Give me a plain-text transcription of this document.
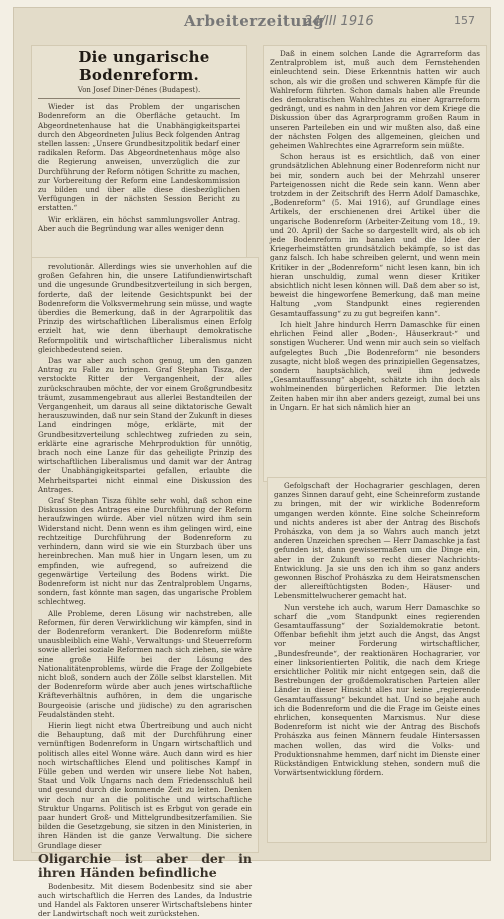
Arbeiterzeitung
24/III 1916	157

Die ungarische Bodenreform.

Von Josef Diner-Dénes (Budapest).

Wieder ist das Problem der ungarischen Bodenreform an die Oberfläche getaucht. Im Abgeordnetenhause hat die Unabhängigkeitspartei durch den Abgeordneten Julius Beck folgenden Antrag stellen lassen: „Unsere Grundbesitzpolitik bedarf einer radikalen Reform. Das Abgeordnetenhaus möge also die Regierung anweisen, unverzüglich die zur Durchführung der Reform nötigen Schritte zu machen, zur Vorbereitung der Reform eine Landeskommission zu bilden und über alle diese diesbezüglichen Verfügungen in der nächsten Session Bericht zu erstatten.“

Wir erklären, ein höchst sammlungsvoller Antrag. Aber auch die Begründung war alles weniger denn

revolutionär. Allerdings wies sie unverhohlen auf die großen Gefahren hin, die unsere Latifundienwirtschaft und die ungesunde Grundbesitzverteilung in sich bergen, forderte, daß der leitende Gesichtspunkt bei der Bodenreform die Volksvermehrung sein müsse, und wagte überdies die Bemerkung, daß in der Agrarpolitik das Prinzip des wirtschaftlichen Liberalismus einen Erfolg erzielt hat, wie denn überhaupt demokratische Reformpolitik und wirtschaftlicher Liberalismus nicht gleichbedeutend seien.

Das war aber auch schon genug, um den ganzen Antrag zu Falle zu bringen. Graf Stephan Tisza, der verstockte Ritter der Vergangenheit, der alles zurückschrauben möchte, der vor einem Großgrundbesitz träumt, zusammengebraut aus allerlei Bestandteilen der Vergangenheit, um daraus all seine diktatorische Gewalt herauszuwinden, daß nur sein Stand der Zukunft in dieses Land eindringen möge, erklärte, mit der Grundbesitzverteilung schlechtweg zufrieden zu sein, erklärte eine agrarische Mehrproduktion für unnötig, brach noch eine Lanze für das geheiligte Prinzip des wirtschaftlichen Liberalismus und damit war der Antrag der Unabhängigkeitspartei gefallen, erlaubte die Mehrheitspartei nicht einmal eine Diskussion des Antrages.

Graf Stephan Tisza fühlte sehr wohl, daß schon eine Diskussion des Antrages eine Durchführung der Reform heraufzwingen würde. Aber viel nützen wird ihm sein Widerstand nicht. Denn wenn es ihm gelingen wird, eine rechtzeitige Durchführung der Bodenreform zu verhindern, dann wird sie wie ein Sturzbach über uns hereinbrechen. Man muß hier in Ungarn lesen, um zu empfinden, wie aufregend, so aufreizend die gegenwärtige Verteilung des Bodens wirkt. Die Bodenreform ist nicht nur das Zentralproblem Ungarns, sondern, fast könnte man sagen, das ungarische Problem schlechtweg.

Alle Probleme, deren Lösung wir nachstreben, alle Reformen, für deren Verwirklichung wir kämpfen, sind in der Bodenreform verankert. Die Bodenreform müßte unausbleiblich eine Wahl-, Verwaltungs- und Steuerreform sowie allerlei soziale Reformen nach sich ziehen, sie wäre eine große Hilfe bei der Lösung des Nationalitätenproblems, würde die Frage der Zollgebiete nicht bloß, sondern auch der Zölle selbst klarstellen. Mit der Bodenreform würde aber auch jenes wirtschaftliche Kräfteverhältnis aufhören, in dem die ungarische Bourgeoisie (arische und jüdische) zu den agrarischen Feudalständen steht.

Hierin liegt nicht etwa Übertreibung und auch nicht die Behauptung, daß mit der Durchführung einer vernünftigen Bodenreform in Ungarn wirtschaftlich und politisch alles eitel Wonne wäre. Auch dann wird es hier noch wirtschaftliches Elend und politisches Kampf in Fülle geben und werden wir unsere liebe Not haben, Staat und Volk Ungarns nach dem Friedensschluß heil und gesund durch die kommende Zeit zu leiten. Denken wir doch nur an die politische und wirtschaftliche Struktur Ungarns. Politisch ist es Erbgut von gerade ein paar hundert Groß- und Mittelgrundbesitzerfamilien. Sie bilden die Gesetzgebung, sie sitzen in den Ministerien, in ihren Händen ist die ganze Verwaltung. Die sichere Grundlage dieser

Oligarchie ist aber der in ihren Händen befindliche

Bodenbesitz. Mit diesem Bodenbesitz sind sie aber auch wirtschaftlich die Herren des Landes, da Industrie und Handel als Faktoren unserer Wirtschaftslebens hinter der Landwirtschaft noch weit zurückstehen.

Daß in einem solchen Lande die Agrarreform das Zentralproblem ist, muß auch dem Fernstehenden einleuchtend sein. Diese Erkenntnis hatten wir auch schon, als wir die großen und schweren Kämpfe für die Wahlreform führten. Schon damals haben alle Freunde des demokratischen Wahlrechtes zu einer Agrarreform gedrängt, und es nahm in den Jahren vor dem Kriege die Diskussion über das Agrarprogramm großen Raum in unseren Parteileben ein und wir mußten also, daß eine der nächsten Folgen des allgemeinen, gleichen und geheimen Wahlrechtes eine Agrarreform sein müßte.

Schon heraus ist es ersichtlich, daß von einer grundsätzlichen Ablehnung einer Bodenreform nicht nur bei mir, sondern auch bei der Mehrzahl unserer Parteigenossen nicht die Rede sein kann. Wenn aber trotzdem in der Zeitschrift des Herrn Adolf Damaschke, „Bodenreform“ (5. Mai 1916), auf Grundlage eines Artikels, der erschienenen drei Artikel über die ungarische Bodenreform (Arbeiter-Zeitung vom 18., 19. und 20. April) der Sache so dargestellt wird, als ob ich jede Bodenreform im banalen und die Idee der Kriegerheimstätten grundsätzlich bekämpfe, so ist das ganz falsch. Ich habe schreiben gelernt, und wenn mein Kritiker in der „Bodenreform“ nicht lesen kann, bin ich hieran unschuldig, zumal wenn dieser Kritiker absichtlich nicht lesen können will. Daß dem aber so ist, beweist die hingeworfene Bemerkung, daß man meine Haltung „vom Standpunkt eines regierenden Gesamtauffassung“ zu zu gut begreifen kann“.

Ich hielt Jahre hindurch Herrn Damaschke für einen ehrlichen Feind aller „Boden-, Häuserkraut-“ und sonstigen Wucherer. Und wenn mir auch sein so vielfach aufgelegtes Buch „Die Bodenreform“ nie besonders zusagte, nicht bloß wegen des prinzipiellen Gegensatzes, sondern hauptsächlich, weil ihm jedwede „Gesamtauffassung“ abgeht, schätzte ich ihn doch als wohlmeinenden bürgerlichen Reformer. Die letzten Zeiten haben mir ihn aber anders gezeigt, zumal bei uns in Ungarn. Er hat sich nämlich hier an

Gefolgschaft der Hochagrarier geschlagen, deren ganzes Sinnen darauf geht, eine Scheinreform zustande zu bringen, mit der wir wirkliche Bodenreform umgangen werden könnte. Eine solche Scheinreform und nichts anderes ist aber der Antrag des Bischofs Prohászka, von dem ja so Wahrs auch manch jetzt anderen Unzeichen sprechen — Herr Damaschke ja fast gefunden ist, dann gewissermaßen um die Dinge ein, aber in der Zukunft so recht dieser Nachrichts-Entwicklung. Ja sie uns den ich ihm so ganz anders gewonnen Bischof Prohászka zu dem Heiratsmenschen der allereiftüchtigsten Boden-, Häuser- und Lebensmittelwucherer gemacht hat.

Nun verstehe ich auch, warum Herr Damaschke so scharf die „vom Standpunkt eines regierenden Gesamtauffassung“ der Sozialdemokratie betont. Offenbar befiehlt ihm jetzt auch die Angst, das Angst vor meiner Forderung wirtschaftlicher, „Bundesfreunde“, der reaktionären Hochagrarier, vor einer linksorientierten Politik, die nach dem Kriege ersichtlicher Politik mir nicht entgegen sein, daß die Bestrebungen der großdemokratischen Parteien aller Länder in dieser Hinsicht alles nur keine „regierende Gesamtauffassung“ bekundet hat. Und so bejahe auch ich die Bodenreform und die die Frage im Geiste eines ehrlichen, konsequenten Marxismus. Nur diese Bodenreform ist nicht wie der Antrag des Bischofs Prohászka aus feinen Männern feudale Hintersassen machen wollen, das wird die Volks- und Produktionsnahme hemmen, darf nicht im Dienste einer Rückständigen Entwicklung stehen, sondern muß die Vorwärtsentwicklung fördern.
